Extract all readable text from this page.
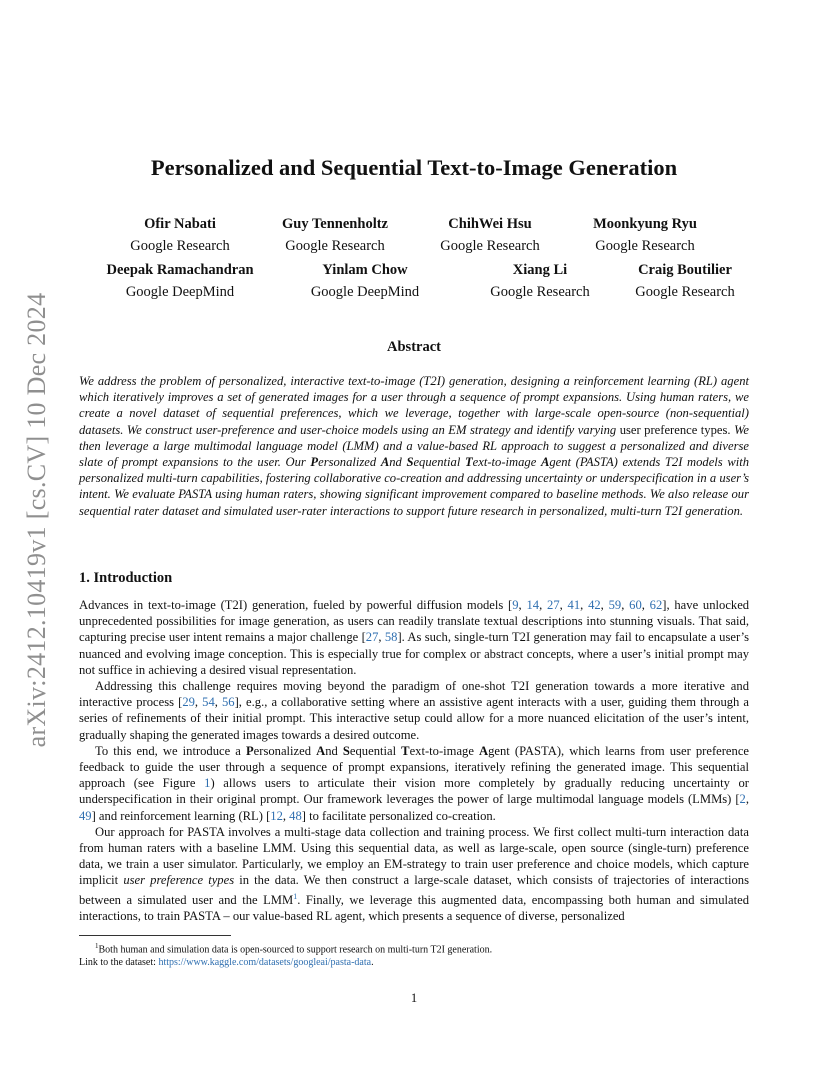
arXiv:2412.10419v1 [cs.CV] 10 Dec 2024
Personalized and Sequential Text-to-Image Generation
Ofir Nabati
Google Research
Guy Tennenholtz
Google Research
ChihWei Hsu
Google Research
Moonkyung Ryu
Google Research
Deepak Ramachandran
Google DeepMind
Yinlam Chow
Google DeepMind
Xiang Li
Google Research
Craig Boutilier
Google Research
Abstract

We address the problem of personalized, interactive text-to-image (T2I) generation, designing a reinforcement learning (RL) agent which iteratively improves a set of generated images for a user through a sequence of prompt expansions. Using human raters, we create a novel dataset of sequential preferences, which we leverage, together with large-scale open-source (non-sequential) datasets. We construct user-preference and user-choice models using an EM strategy and identify varying user preference types. We then leverage a large multimodal language model (LMM) and a value-based RL approach to suggest a personalized and diverse slate of prompt expansions to the user. Our Personalized And Sequential Text-to-image Agent (PASTA) extends T2I models with personalized multi-turn capabilities, fostering collaborative co-creation and addressing uncertainty or underspecification in a user’s intent. We evaluate PASTA using human raters, showing significant improvement compared to baseline methods. We also release our sequential rater dataset and simulated user-rater interactions to support future research in personalized, multi-turn T2I generation.

1. Introduction

Advances in text-to-image (T2I) generation, fueled by powerful diffusion models [9, 14, 27, 41, 42, 59, 60, 62], have unlocked unprecedented possibilities for image generation, as users can readily translate textual descriptions into stunning visuals. That said, capturing precise user intent remains a major challenge [27, 58]. As such, single-turn T2I generation may fail to encapsulate a user’s nuanced and evolving image conception. This is especially true for complex or abstract concepts, where a user’s initial prompt may not suffice in achieving a desired visual representation.

Addressing this challenge requires moving beyond the paradigm of one-shot T2I generation towards a more iterative and interactive process [29, 54, 56], e.g., a collaborative setting where an assistive agent interacts with a user, guiding them through a series of refinements of their initial prompt. This interactive setup could allow for a more nuanced elicitation of the user’s intent, gradually shaping the generated images towards a desired outcome.

To this end, we introduce a Personalized And Sequential Text-to-image Agent (PASTA), which learns from user preference feedback to guide the user through a sequence of prompt expansions, iteratively refining the generated image. This sequential approach (see Figure 1) allows users to articulate their vision more completely by gradually reducing uncertainty or underspecification in their original prompt. Our framework leverages the power of large multimodal language models (LMMs) [2, 49] and reinforcement learning (RL) [12, 48] to facilitate personalized co-creation.

Our approach for PASTA involves a multi-stage data collection and training process. We first collect multi-turn interaction data from human raters with a baseline LMM. Using this sequential data, as well as large-scale, open source (single-turn) preference data, we train a user simulator. Particularly, we employ an EM-strategy to train user preference and choice models, which capture implicit user preference types in the data. We then construct a large-scale dataset, which consists of trajectories of interactions between a simulated user and the LMM$^1$. Finally, we leverage this augmented data, encompassing both human and simulated interactions, to train PASTA – our value-based RL agent, which presents a sequence of diverse, personalized

$^1$Both human and simulation data is open-sourced to support research on multi-turn T2I generation.

Link to the dataset: https://www.kaggle.com/datasets/googleai/pasta-data.

1
